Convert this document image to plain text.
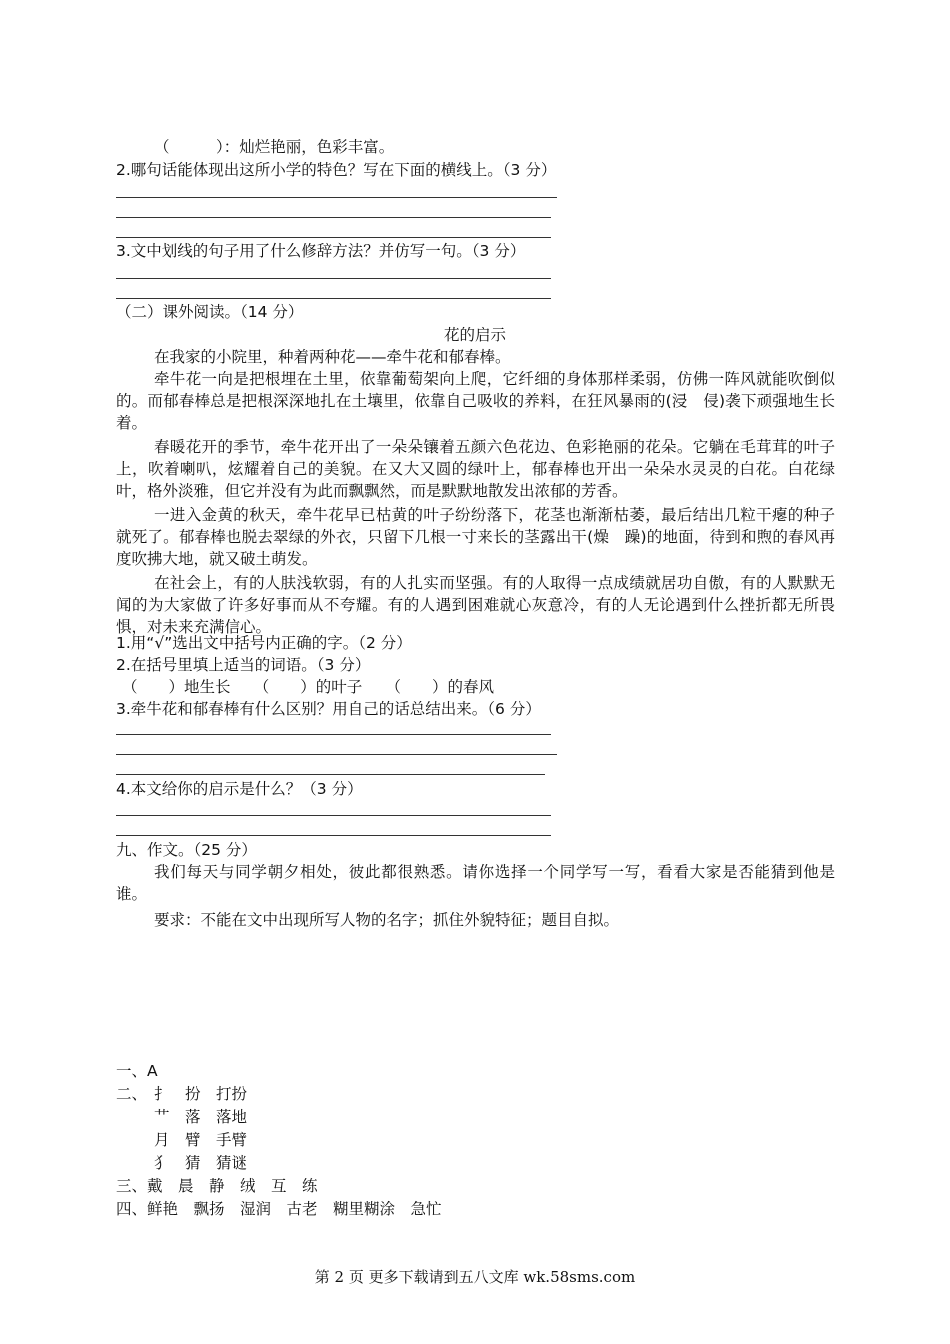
（　　　）：灿烂艳丽，色彩丰富。
2.哪句话能体现出这所小学的特色？写在下面的横线上。（3 分）
3.文中划线的句子用了什么修辞方法？并仿写一句。（3 分）
（二）课外阅读。（14 分）
花的启示

在我家的小院里，种着两种花——牵牛花和郁春棒。

牵牛花一向是把根埋在土里，依靠葡萄架向上爬，它纤细的身体那样柔弱，仿佛一阵风就能吹倒似的。而郁春棒总是把根深深地扎在土壤里，依靠自己吸收的养料，在狂风暴雨的(浸　侵)袭下顽强地生长着。

春暖花开的季节，牵牛花开出了一朵朵镶着五颜六色花边、色彩艳丽的花朵。它躺在毛茸茸的叶子上，吹着喇叭，炫耀着自己的美貌。在又大又圆的绿叶上，郁春棒也开出一朵朵水灵灵的白花。白花绿叶，格外淡雅，但它并没有为此而飘飘然，而是默默地散发出浓郁的芳香。

一进入金黄的秋天，牵牛花早已枯黄的叶子纷纷落下，花茎也渐渐枯萎，最后结出几粒干瘪的种子就死了。郁春棒也脱去翠绿的外衣，只留下几根一寸来长的茎露出干(燥　躁)的地面，待到和煦的春风再度吹拂大地，就又破土萌发。

在社会上，有的人肤浅软弱，有的人扎实而坚强。有的人取得一点成绩就居功自傲，有的人默默无闻的为大家做了许多好事而从不夸耀。有的人遇到困难就心灰意冷，有的人无论遇到什么挫折都无所畏惧，对未来充满信心。

1.用“√”选出文中括号内正确的字。（2 分）
2.在括号里填上适当的词语。（3 分）
（　　）地生长　　（　　）的叶子　　（　　）的春风
3.牵牛花和郁春棒有什么区别？用自己的话总结出来。（6 分）
4.本文给你的启示是什么？（3 分）
九、作文。（25 分）

我们每天与同学朝夕相处，彼此都很熟悉。请你选择一个同学写一写，看看大家是否能猜到他是谁。

要求：不能在文中出现所写人物的名字；抓住外貌特征；题目自拟。

一、A
二、 扌　扮　打扮
艹　落　落地
月　臂　手臂
犭　猜　猜谜
三、戴　晨　静　绒　互　练
四、鲜艳　飘扬　湿润　古老　糊里糊涂　急忙
第 2 页 更多下载请到五八文库 wk.58sms.com
